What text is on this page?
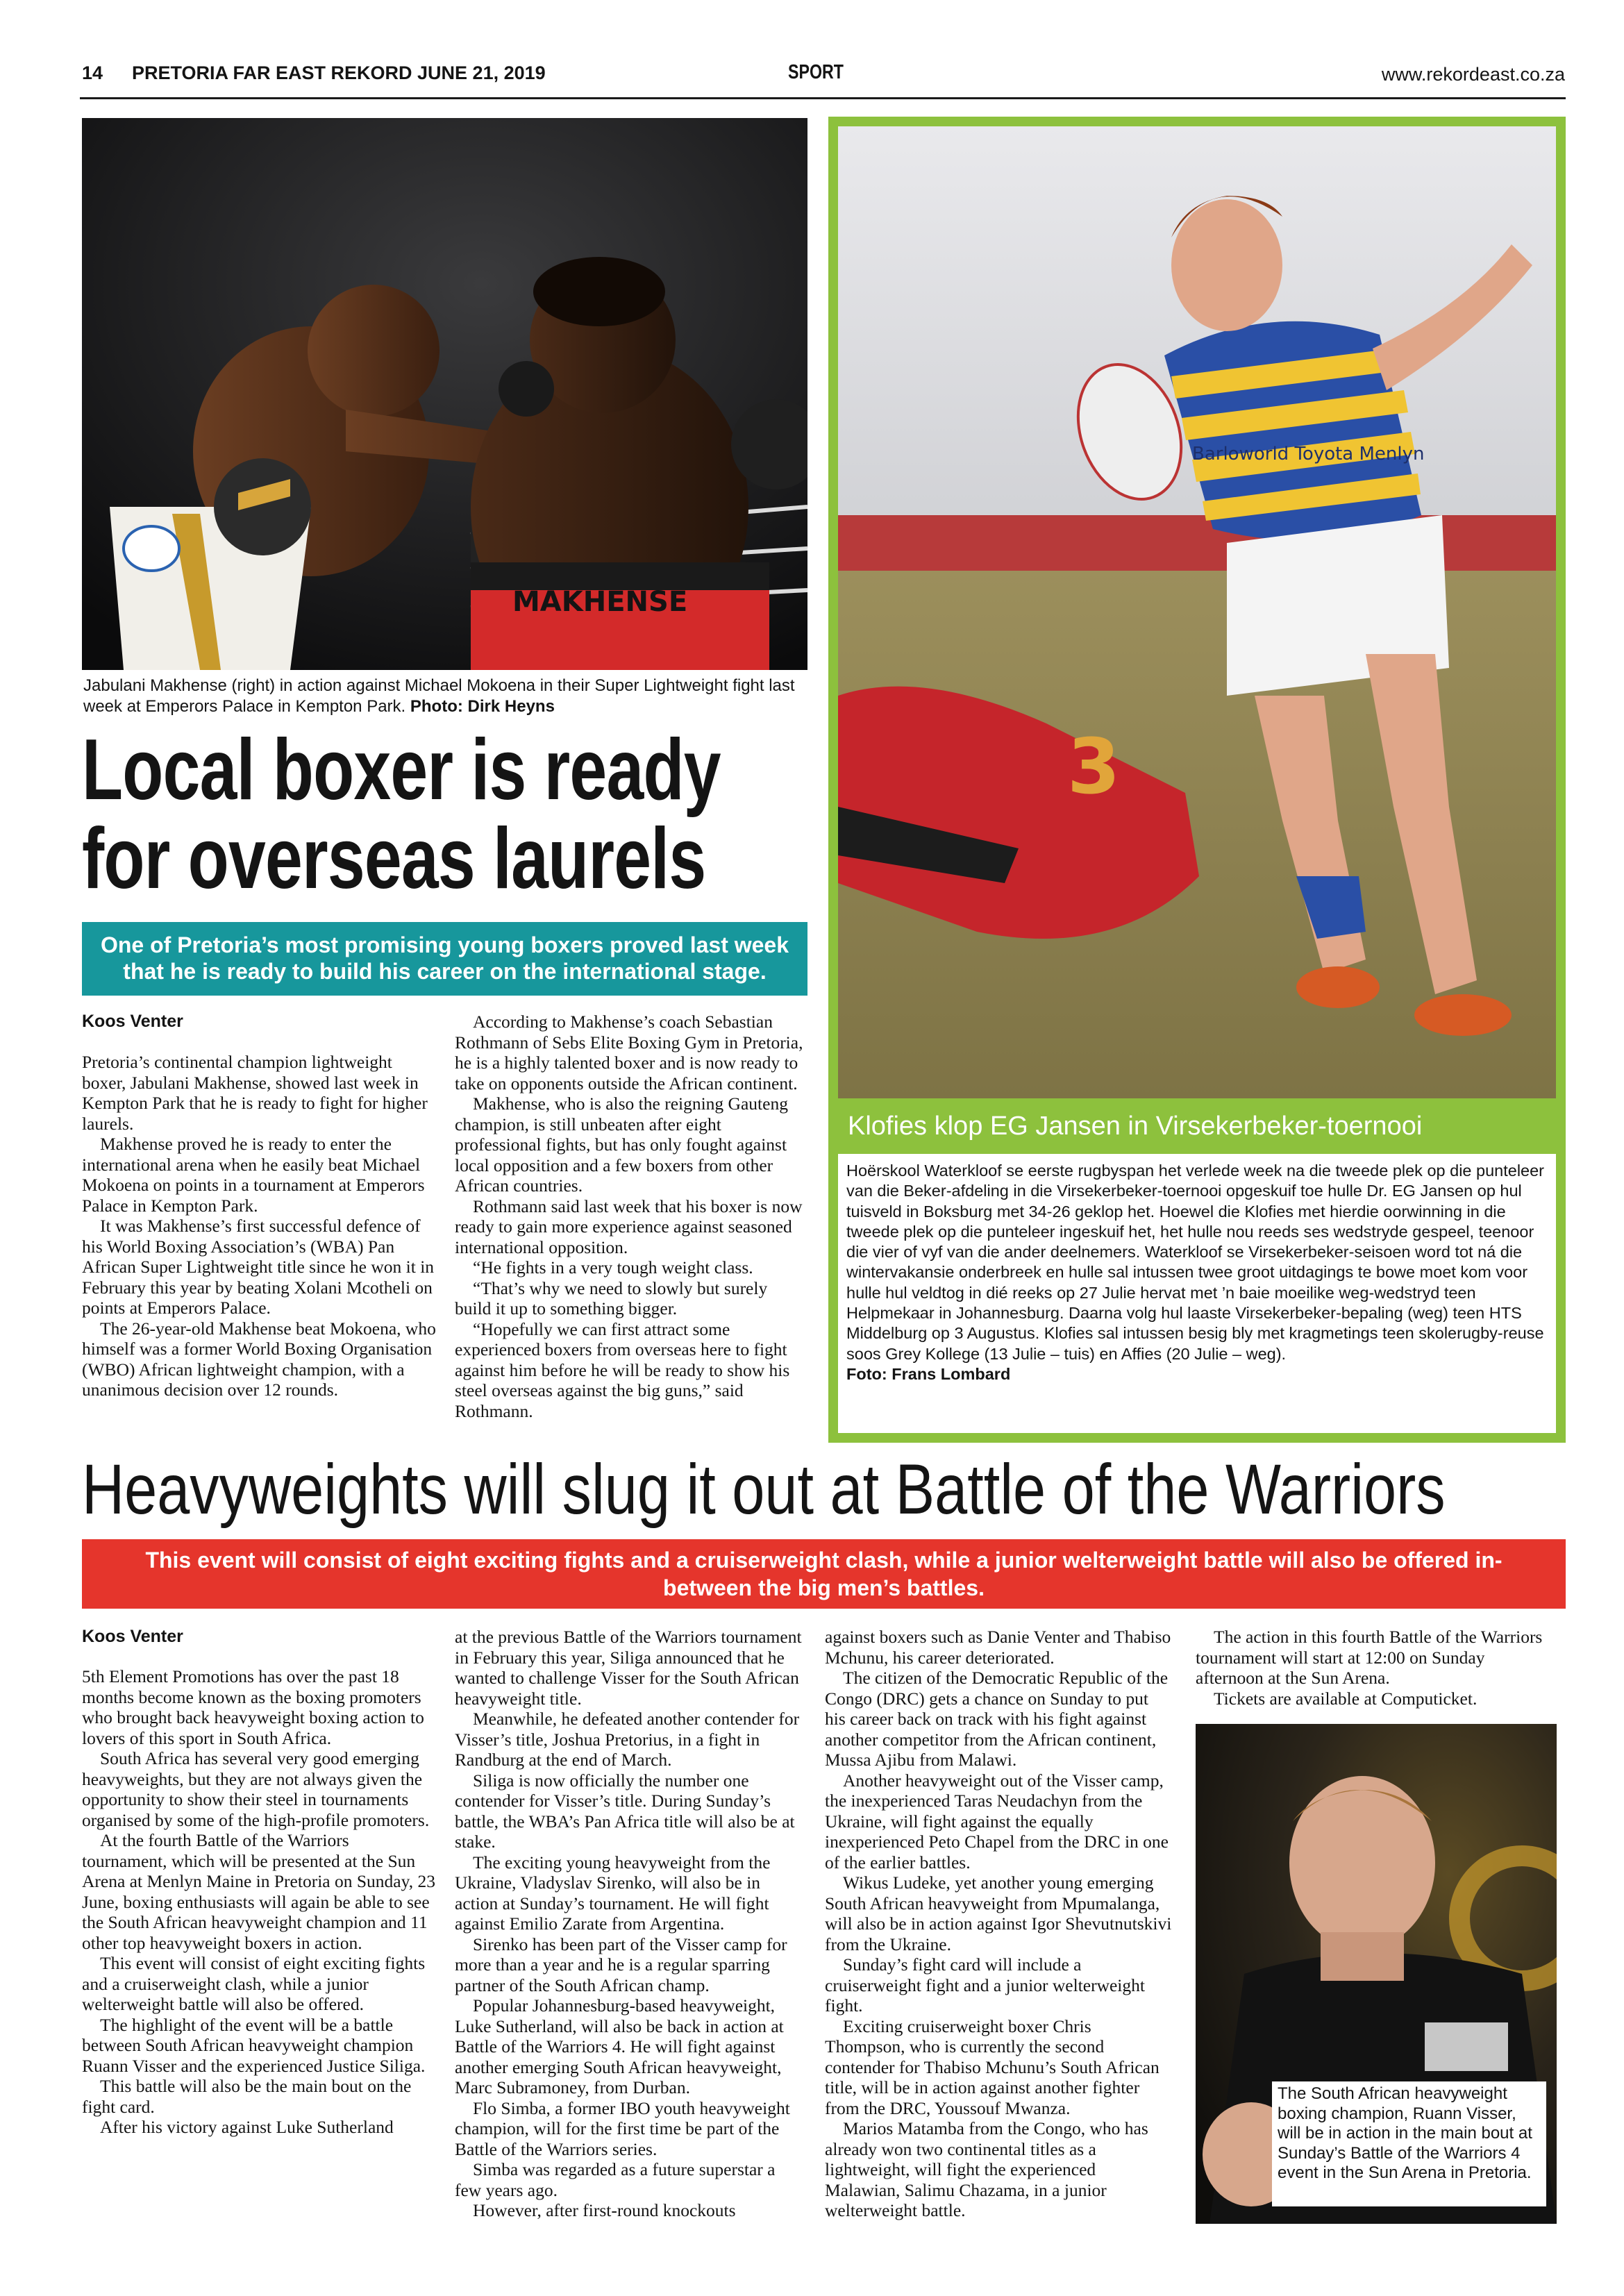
14 PRETORIA FAR EAST REKORD JUNE 21, 2019	SPORT	www.rekordeast.co.za
MAKHENSE
Jabulani Makhense (right) in action against Michael Mokoena in their Super Lightweight fight last week at Emperors Palace in Kempton Park. Photo: Dirk Heyns
Local boxer is ready
for overseas laurels
One of Pretoria’s most promising young boxers proved last week that he is ready to build his career on the international stage.
Koos Venter

Pretoria’s continental champion lightweight boxer, Jabulani Makhense, showed last week in Kempton Park that he is ready to fight for higher laurels.

Makhense proved he is ready to enter the international arena when he easily beat Michael Mokoena on points in a tournament at Emperors Palace in Kempton Park.

It was Makhense’s first successful defence of his World Boxing Association’s (WBA) Pan African Super Lightweight title since he won it in February this year by beating Xolani Mcotheli on points at Emperors Palace.

The 26-year-old Makhense beat Mokoena, who himself was a former World Boxing Organisation (WBO) African lightweight champion, with a unanimous decision over 12 rounds.

According to Makhense’s coach Sebastian Rothmann of Sebs Elite Boxing Gym in Pretoria, he is a highly talented boxer and is now ready to take on opponents outside the African continent.

Makhense, who is also the reigning Gauteng champion, is still unbeaten after eight professional fights, but has only fought against local opposition and a few boxers from other African countries.

Rothmann said last week that his boxer is now ready to gain more experience against seasoned international opposition.

“He fights in a very tough weight class.

“That’s why we need to slowly but surely build it up to something bigger.

“Hopefully we can first attract some experienced boxers from overseas here to fight against him before he will be ready to show his steel overseas against the big guns,” said Rothmann.

3
Barloworld Toyota Menlyn
Klofies klop EG Jansen in Virsekerbeker-toernooi
Hoërskool Waterkloof se eerste rugbyspan het verlede week na die tweede plek op die punteleer van die Beker-afdeling in die Virsekerbeker-toernooi opgeskuif toe hulle Dr. EG Jansen op hul tuisveld in Boksburg met 34-26 geklop het. Hoewel die Klofies met hierdie oorwinning in die tweede plek op die punteleer ingeskuif het, het hulle nou reeds ses wedstryde gespeel, teenoor die vier of vyf van die ander deelnemers. Waterkloof se Virsekerbeker-seisoen word tot ná die wintervakansie onderbreek en hulle sal intussen twee groot uitdagings te bowe moet kom voor hulle hul veldtog in dié reeks op 27 Julie hervat met ’n baie moeilike weg-wedstryd teen Helpmekaar in Johannesburg. Daarna volg hul laaste Virsekerbeker-bepaling (weg) teen HTS Middelburg op 3 Augustus. Klofies sal intussen besig bly met kragmetings teen skolerugby-reuse soos Grey Kollege (13 Julie – tuis) en Affies (20 Julie – weg).
Foto: Frans Lombard
Heavyweights will slug it out at Battle of the Warriors
This event will consist of eight exciting fights and a cruiserweight clash, while a junior welterweight battle will also be offered in-between the big men’s battles.
Koos Venter

5th Element Promotions has over the past 18 months become known as the boxing promoters who brought back heavyweight boxing action to lovers of this sport in South Africa.

South Africa has several very good emerging heavyweights, but they are not always given the opportunity to show their steel in tournaments organised by some of the high-profile promoters.

At the fourth Battle of the Warriors tournament, which will be presented at the Sun Arena at Menlyn Maine in Pretoria on Sunday, 23 June, boxing enthusiasts will again be able to see the South African heavyweight champion and 11 other top heavyweight boxers in action.

This event will consist of eight exciting fights and a cruiserweight clash, while a junior welterweight battle will also be offered.

The highlight of the event will be a battle between South African heavyweight champion Ruann Visser and the experienced Justice Siliga.

This battle will also be the main bout on the fight card.

After his victory against Luke Sutherland

at the previous Battle of the Warriors tournament in February this year, Siliga announced that he wanted to challenge Visser for the South African heavyweight title.

Meanwhile, he defeated another contender for Visser’s title, Joshua Pretorius, in a fight in Randburg at the end of March.

Siliga is now officially the number one contender for Visser’s title. During Sunday’s battle, the WBA’s Pan Africa title will also be at stake.

The exciting young heavyweight from the Ukraine, Vladyslav Sirenko, will also be in action at Sunday’s tournament. He will fight against Emilio Zarate from Argentina.

Sirenko has been part of the Visser camp for more than a year and he is a regular sparring partner of the South African champ.

Popular Johannesburg-based heavyweight, Luke Sutherland, will also be back in action at Battle of the Warriors 4. He will fight against another emerging South African heavyweight, Marc Subramoney, from Durban.

Flo Simba, a former IBO youth heavyweight champion, will for the first time be part of the Battle of the Warriors series.

Simba was regarded as a future superstar a few years ago.

However, after first-round knockouts

against boxers such as Danie Venter and Thabiso Mchunu, his career deteriorated.

The citizen of the Democratic Republic of the Congo (DRC) gets a chance on Sunday to put his career back on track with his fight against another competitor from the African continent, Mussa Ajibu from Malawi.

Another heavyweight out of the Visser camp, the inexperienced Taras Neudachyn from the Ukraine, will fight against the equally inexperienced Peto Chapel from the DRC in one of the earlier battles.

Wikus Ludeke, yet another young emerging South African heavyweight from Mpumalanga, will also be in action against Igor Shevutnutskivi from the Ukraine.

Sunday’s fight card will include a cruiserweight fight and a junior welterweight fight.

Exciting cruiserweight boxer Chris Thompson, who is currently the second contender for Thabiso Mchunu’s South African title, will be in action against another fighter from the DRC, Youssouf Mwanza.

Marios Matamba from the Congo, who has already won two continental titles as a lightweight, will fight the experienced Malawian, Salimu Chazama, in a junior welterweight battle.

The action in this fourth Battle of the Warriors tournament will start at 12:00 on Sunday afternoon at the Sun Arena.

Tickets are available at Computicket.

The South African heavyweight boxing champion, Ruann Visser, will be in action in the main bout at Sunday’s Battle of the Warriors 4 event in the Sun Arena in Pretoria.
